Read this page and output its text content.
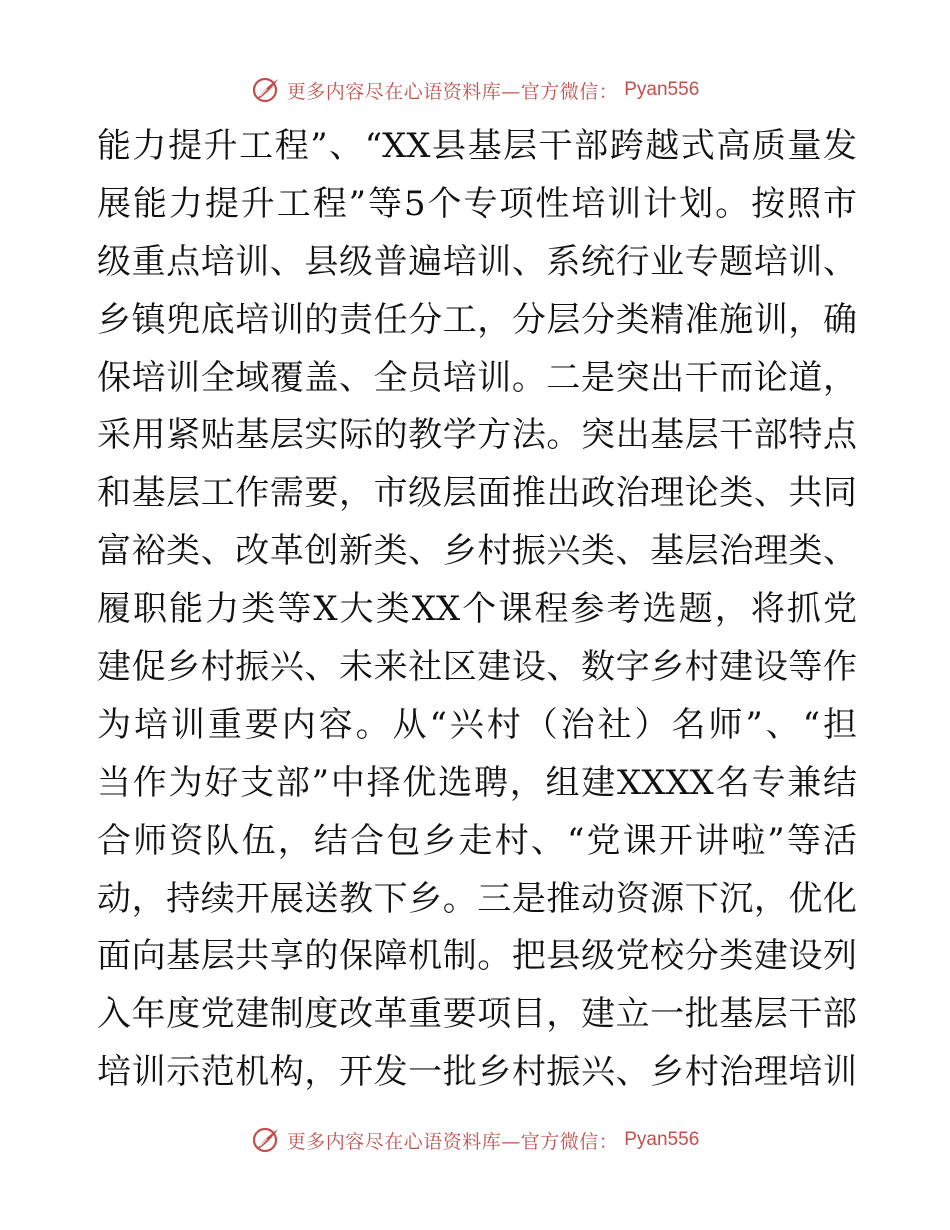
更多内容尽在心语资料库—官方微信： Pyan556
能力提升工程”、“XX县基层干部跨越式高质量发
展能力提升工程”等5个专项性培训计划。按照市
级重点培训、县级普遍培训、系统行业专题培训、
乡镇兜底培训的责任分工，分层分类精准施训，确
保培训全域覆盖、全员培训。二是突出干而论道，
采用紧贴基层实际的教学方法。突出基层干部特点
和基层工作需要，市级层面推出政治理论类、共同
富裕类、改革创新类、乡村振兴类、基层治理类、
履职能力类等X大类XX个课程参考选题，将抓党
建促乡村振兴、未来社区建设、数字乡村建设等作
为培训重要内容。从“兴村（治社）名师”、“担
当作为好支部”中择优选聘，组建XXXX名专兼结
合师资队伍，结合包乡走村、“党课开讲啦”等活
动，持续开展送教下乡。三是推动资源下沉，优化
面向基层共享的保障机制。把县级党校分类建设列
入年度党建制度改革重要项目，建立一批基层干部
培训示范机构，开发一批乡村振兴、乡村治理培训
更多内容尽在心语资料库—官方微信： Pyan556
